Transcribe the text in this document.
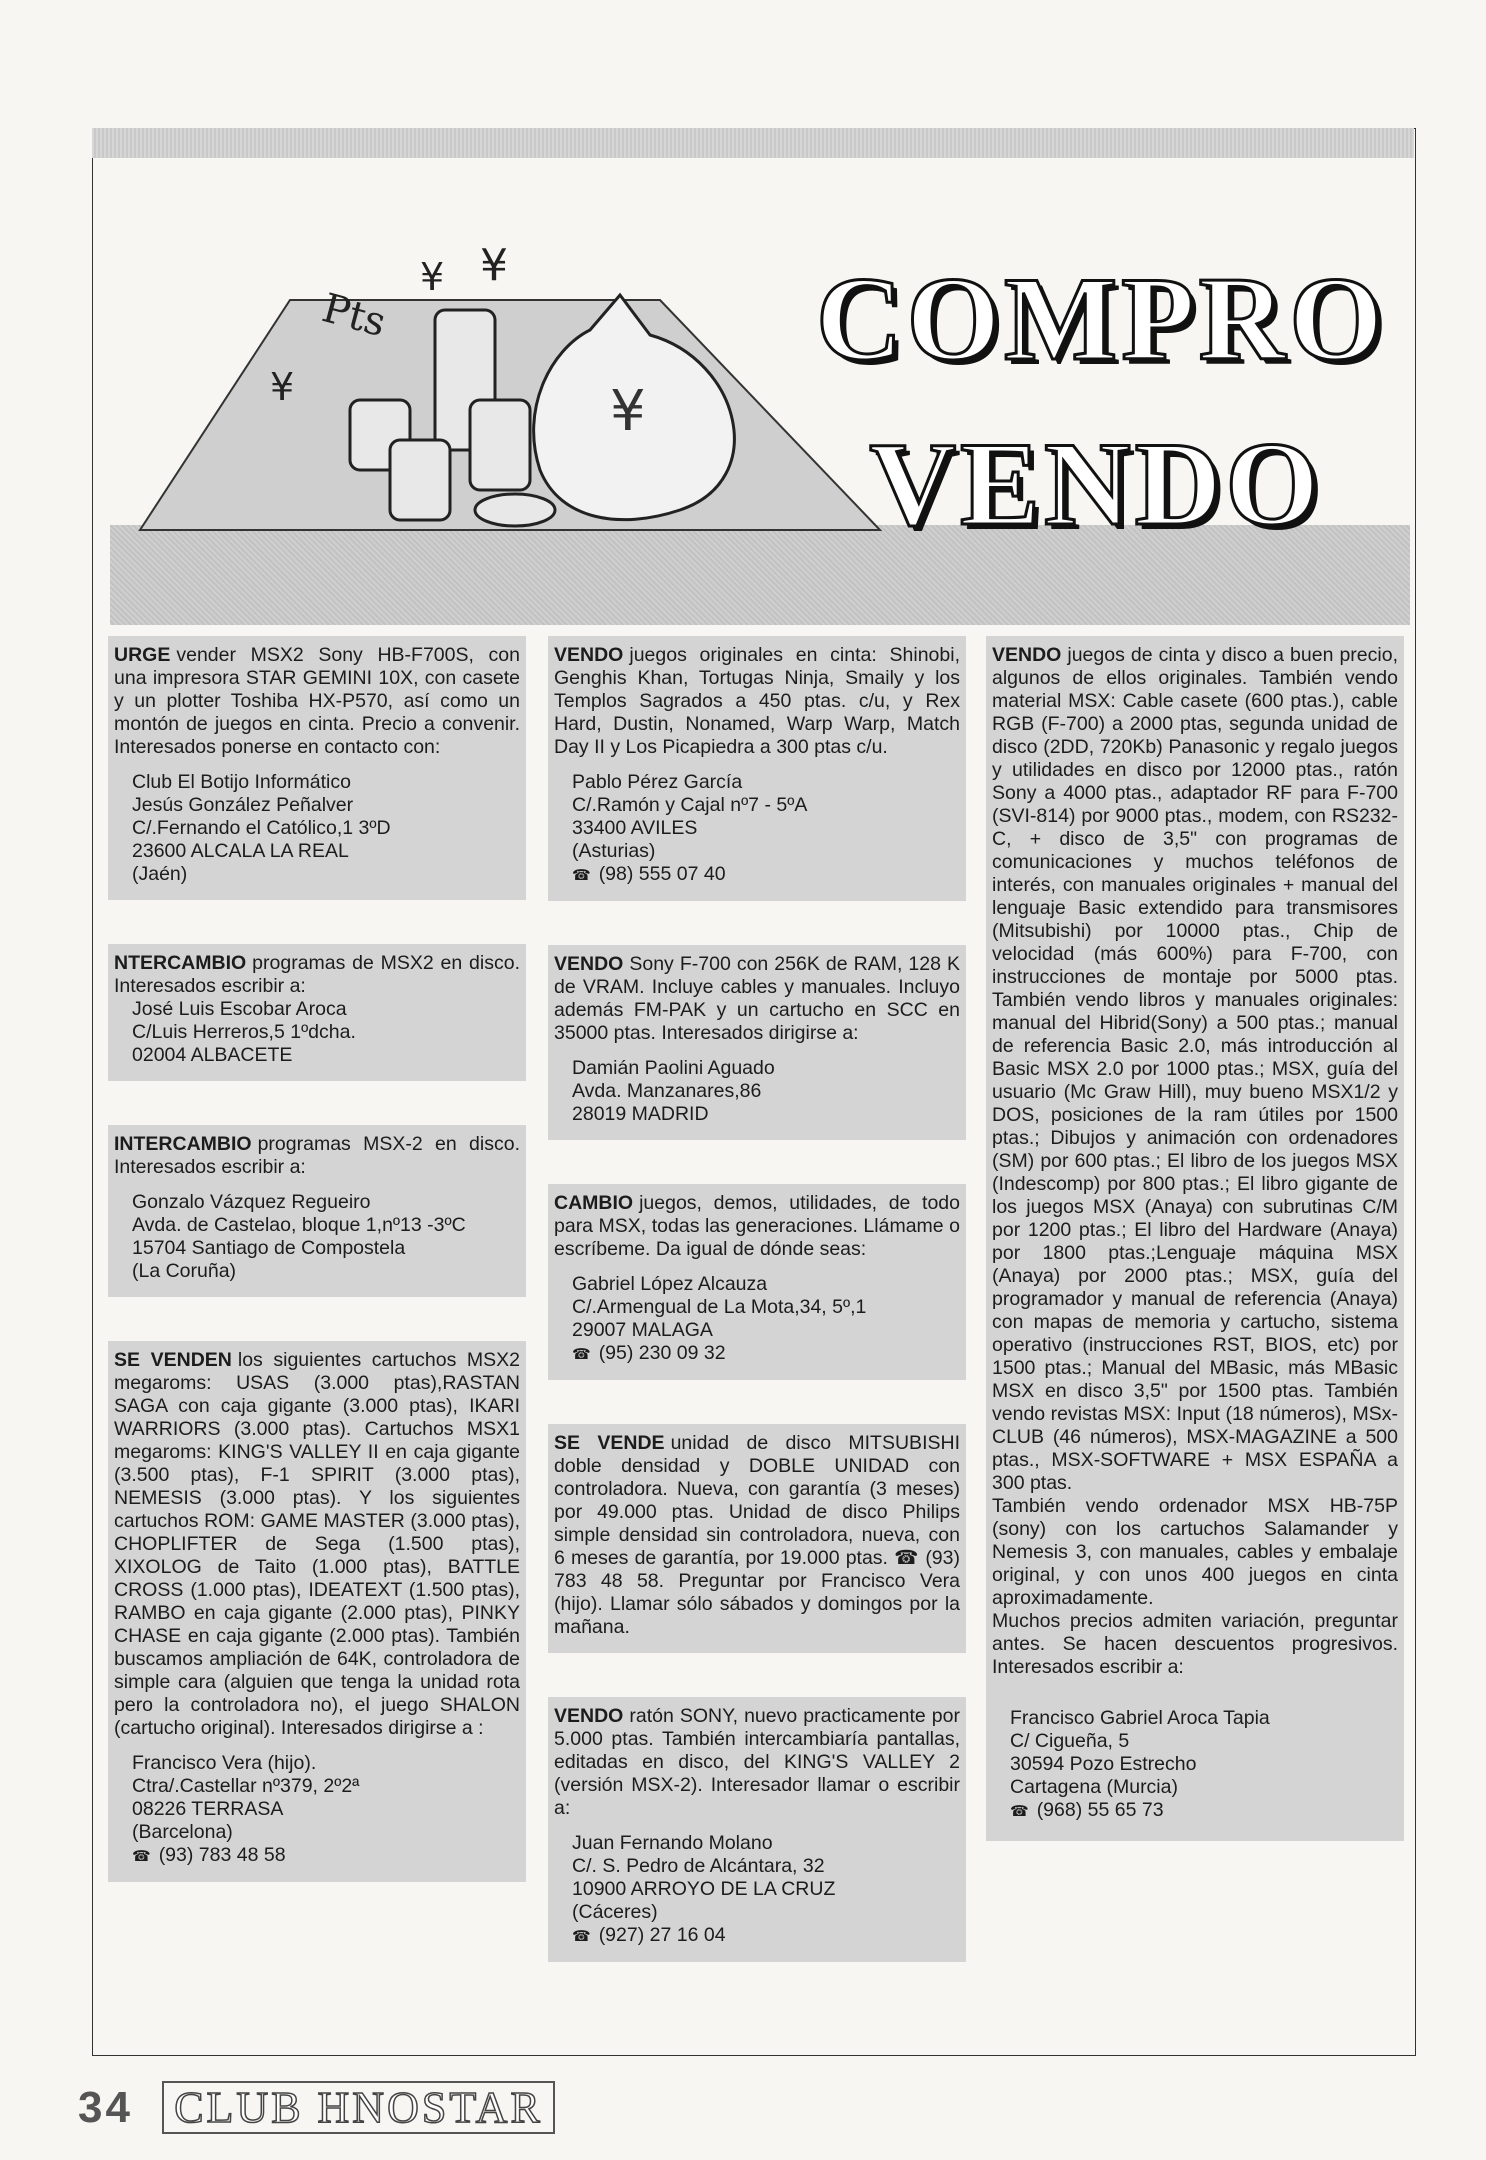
¥
Pts
¥ ¥
¥
COMPRO
VENDO

URGE vender MSX2 Sony HB-F700S, con una impresora STAR GEMINI 10X, con casete y un plotter Toshiba HX-P570, así como un montón de juegos en cinta. Precio a convenir. Interesados ponerse en contacto con:

Club El Botijo Informático
Jesús González Peñalver
C/.Fernando el Católico,1 3ºD
23600 ALCALA LA REAL
(Jaén)

NTERCAMBIO programas de MSX2 en disco. Interesados escribir a:

José Luis Escobar Aroca
C/Luis Herreros,5 1ºdcha.
02004 ALBACETE

INTERCAMBIO programas MSX-2 en disco. Interesados escribir a:

Gonzalo Vázquez Regueiro
Avda. de Castelao, bloque 1,nº13 -3ºC
15704 Santiago de Compostela
(La Coruña)

SE VENDEN los siguientes cartuchos MSX2 megaroms: USAS (3.000 ptas),RASTAN SAGA con caja gigante (3.000 ptas), IKARI WARRIORS (3.000 ptas). Cartuchos MSX1 megaroms: KING'S VALLEY II en caja gigante (3.500 ptas), F-1 SPIRIT (3.000 ptas), NEMESIS (3.000 ptas). Y los siguientes cartuchos ROM: GAME MASTER (3.000 ptas), CHOPLIFTER de Sega (1.500 ptas), XIXOLOG de Taito (1.000 ptas), BATTLE CROSS (1.000 ptas), IDEATEXT (1.500 ptas), RAMBO en caja gigante (2.000 ptas), PINKY CHASE en caja gigante (2.000 ptas). También buscamos ampliación de 64K, controladora de simple cara (alguien que tenga la unidad rota pero la controladora no), el juego SHALON (cartucho original). Interesados dirigirse a :

Francisco Vera (hijo).
Ctra/.Castellar nº379, 2º2ª
08226 TERRASA
(Barcelona)
☎ (93) 783 48 58

VENDO juegos originales en cinta: Shinobi, Genghis Khan, Tortugas Ninja, Smaily y los Templos Sagrados a 450 ptas. c/u, y Rex Hard, Dustin, Nonamed, Warp Warp, Match Day II y Los Picapiedra a 300 ptas c/u.

Pablo Pérez García
C/.Ramón y Cajal nº7 - 5ºA
33400 AVILES
(Asturias)
☎ (98) 555 07 40

VENDO Sony F-700 con 256K de RAM, 128 K de VRAM. Incluye cables y manuales. Incluyo además FM-PAK y un cartucho en SCC en 35000 ptas. Interesados dirigirse a:

Damián Paolini Aguado
Avda. Manzanares,86
28019 MADRID

CAMBIO juegos, demos, utilidades, de todo para MSX, todas las generaciones. Llámame o escríbeme. Da igual de dónde seas:

Gabriel López Alcauza
C/.Armengual de La Mota,34, 5º,1
29007 MALAGA
☎ (95) 230 09 32

SE VENDE unidad de disco MITSUBISHI doble densidad y DOBLE UNIDAD con controladora. Nueva, con garantía (3 meses) por 49.000 ptas. Unidad de disco Philips simple densidad sin controladora, nueva, con 6 meses de garantía, por 19.000 ptas. ☎ (93) 783 48 58. Preguntar por Francisco Vera (hijo). Llamar sólo sábados y domingos por la mañana.

VENDO ratón SONY, nuevo practicamente por 5.000 ptas. También intercambiaría pantallas, editadas en disco, del KING'S VALLEY 2 (versión MSX-2). Interesador llamar o escribir a:

Juan Fernando Molano
C/. S. Pedro de Alcántara, 32
10900 ARROYO DE LA CRUZ
(Cáceres)
☎ (927) 27 16 04

VENDO juegos de cinta y disco a buen precio, algunos de ellos originales. También vendo material MSX: Cable casete (600 ptas.), cable RGB (F-700) a 2000 ptas, segunda unidad de disco (2DD, 720Kb) Panasonic y regalo juegos y utilidades en disco por 12000 ptas., ratón Sony a 4000 ptas., adaptador RF para F-700 (SVI-814) por 9000 ptas., modem, con RS232-C, + disco de 3,5" con programas de comunicaciones y muchos teléfonos de interés, con manuales originales + manual del lenguaje Basic extendido para transmisores (Mitsubishi) por 10000 ptas., Chip de velocidad (más 600%) para F-700, con instrucciones de montaje por 5000 ptas. También vendo libros y manuales originales: manual del Hibrid(Sony) a 500 ptas.; manual de referencia Basic 2.0, más introducción al Basic MSX 2.0 por 1000 ptas.; MSX, guía del usuario (Mc Graw Hill), muy bueno MSX1/2 y DOS, posiciones de la ram útiles por 1500 ptas.; Dibujos y animación con ordenadores (SM) por 600 ptas.; El libro de los juegos MSX (Indescomp) por 800 ptas.; El libro gigante de los juegos MSX (Anaya) con subrutinas C/M por 1200 ptas.; El libro del Hardware (Anaya) por 1800 ptas.;Lenguaje máquina MSX (Anaya) por 2000 ptas.; MSX, guía del programador y manual de referencia (Anaya) con mapas de memoria y cartucho, sistema operativo (instrucciones RST, BIOS, etc) por 1500 ptas.; Manual del MBasic, más MBasic MSX en disco 3,5" por 1500 ptas. También vendo revistas MSX: Input (18 números), MSx-CLUB (46 números), MSX-MAGAZINE a 500 ptas., MSX-SOFTWARE + MSX ESPAÑA a 300 ptas.

También vendo ordenador MSX HB-75P (sony) con los cartuchos Salamander y Nemesis 3, con manuales, cables y embalaje original, y con unos 400 juegos en cinta aproximadamente.

Muchos precios admiten variación, preguntar antes. Se hacen descuentos progresivos. Interesados escribir a:

Francisco Gabriel Aroca Tapia
C/ Cigueña, 5
30594 Pozo Estrecho
Cartagena (Murcia)
☎ (968) 55 65 73
34 CLUB HNOSTAR
